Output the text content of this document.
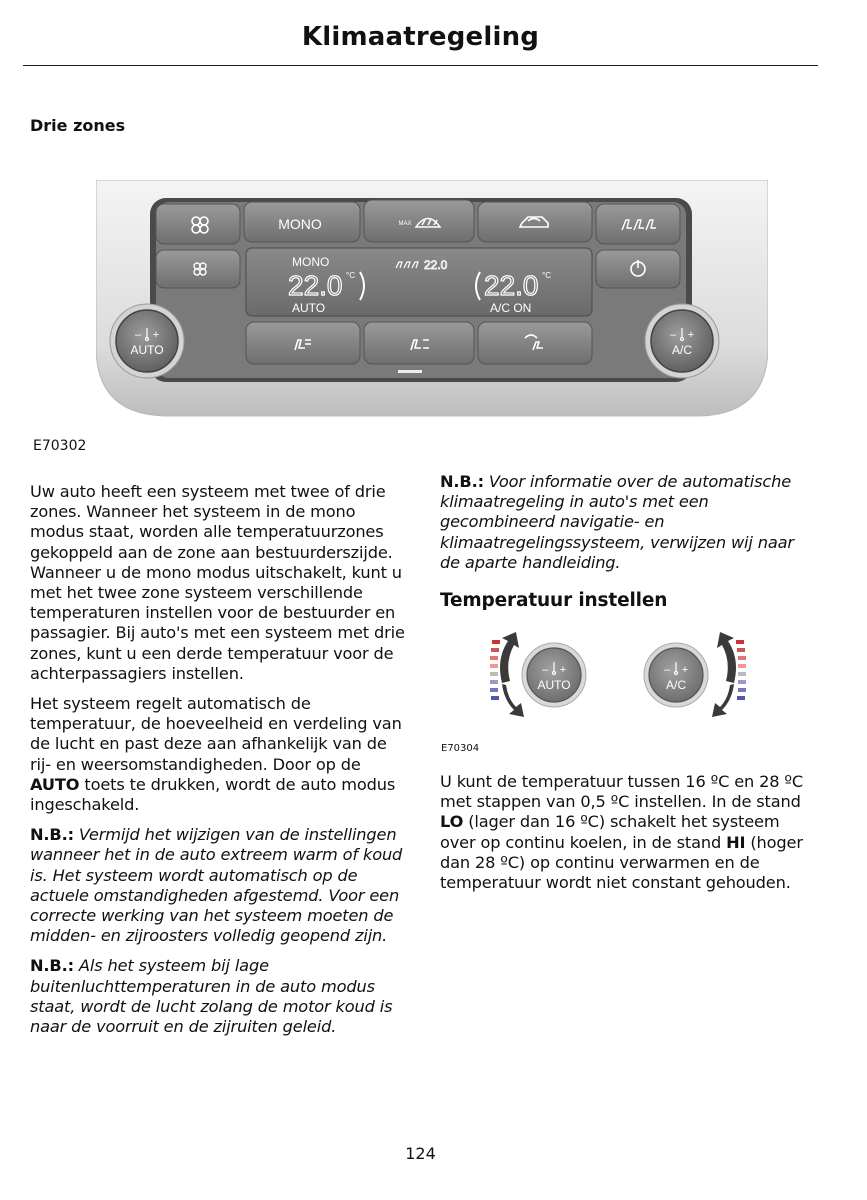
Klimaatregeling
Drie zones
MONO	MAX
MONO
22.0 °C
22.0
22.0 °C
AUTO	A/C ON
– +
AUTO
– +
A/C
E70302

Uw auto heeft een systeem met twee of drie zones. Wanneer het systeem in de mono modus staat, worden alle temperatuurzones gekoppeld aan de zone aan bestuurderszijde. Wanneer u de mono modus uitschakelt, kunt u met het twee zone systeem verschillende temperaturen instellen voor de bestuurder en passagier. Bij auto's met een systeem met drie zones, kunt u een derde temperatuur voor de achterpassagiers instellen.

Het systeem regelt automatisch de temperatuur, de hoeveelheid en verdeling van de lucht en past deze aan afhankelijk van de rij- en weersomstandigheden. Door op de AUTO toets te drukken, wordt de auto modus ingeschakeld.

N.B.: Vermijd het wijzigen van de instellingen wanneer het in de auto extreem warm of koud is. Het systeem wordt automatisch op de actuele omstandigheden afgestemd. Voor een correcte werking van het systeem moeten de midden- en zijroosters volledig geopend zijn.

N.B.: Als het systeem bij lage buitenluchttemperaturen in de auto modus staat, wordt de lucht zolang de motor koud is naar de voorruit en de zijruiten geleid.

N.B.: Voor informatie over de automatische klimaatregeling in auto's met een gecombineerd navigatie- en klimaatregelingssysteem, verwijzen wij naar de aparte handleiding.

Temperatuur instellen
– +
AUTO
– +
A/C
E70304

U kunt de temperatuur tussen 16 ºC en 28 ºC met stappen van 0,5 ºC instellen. In de stand LO (lager dan 16 ºC) schakelt het systeem over op continu koelen, in de stand HI (hoger dan 28 ºC) op continu verwarmen en de temperatuur wordt niet constant gehouden.

124
